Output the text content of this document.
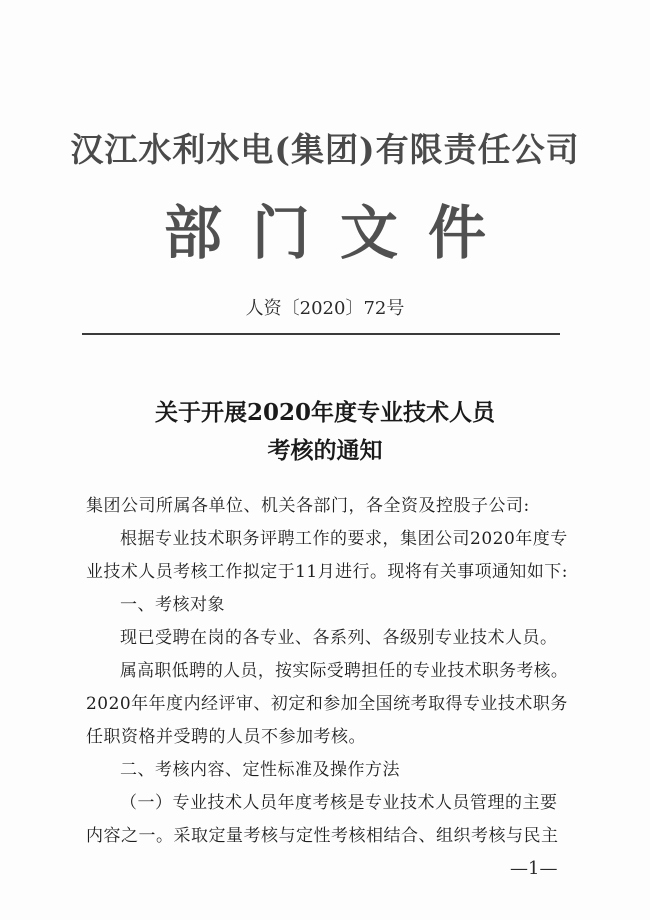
汉江水利水电(集团)有限责任公司
部门文件
人资〔2020〕72号
关于开展2020年度专业技术人员
考核的通知
集团公司所属各单位、机关各部门，各全资及控股子公司:
根据专业技术职务评聘工作的要求，集团公司2020年度专
业技术人员考核工作拟定于11月进行。现将有关事项通知如下:
一、考核对象
现已受聘在岗的各专业、各系列、各级别专业技术人员。
属高职低聘的人员，按实际受聘担任的专业技术职务考核。
2020年年度内经评审、初定和参加全国统考取得专业技术职务
任职资格并受聘的人员不参加考核。
二、考核内容、定性标准及操作方法
（一）专业技术人员年度考核是专业技术人员管理的主要
内容之一。采取定量考核与定性考核相结合、组织考核与民主
—1—
